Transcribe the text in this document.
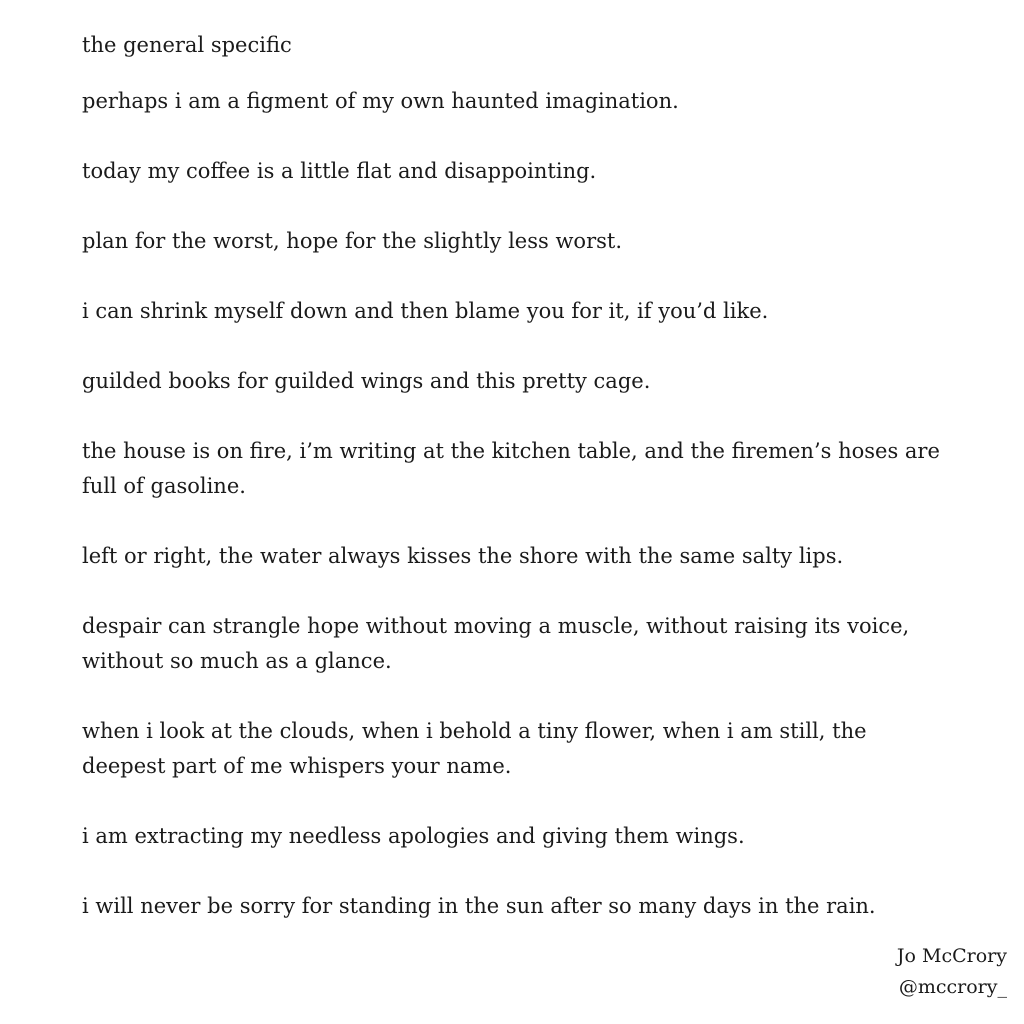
the general specific

perhaps i am a figment of my own haunted imagination.

today my coffee is a little flat and disappointing.

plan for the worst, hope for the slightly less worst.

i can shrink myself down and then blame you for it, if you’d like.

guilded books for guilded wings and this pretty cage.

the house is on fire, i’m writing at the kitchen table, and the firemen’s hoses are full of gasoline.

left or right, the water always kisses the shore with the same salty lips.

despair can strangle hope without moving a muscle, without raising its voice, without so much as a glance.

when i look at the clouds, when i behold a tiny flower, when i am still, the deepest part of me whispers your name.

i am extracting my needless apologies and giving them wings.

i will never be sorry for standing in the sun after so many days in the rain.

Jo McCrory
@mccrory_
